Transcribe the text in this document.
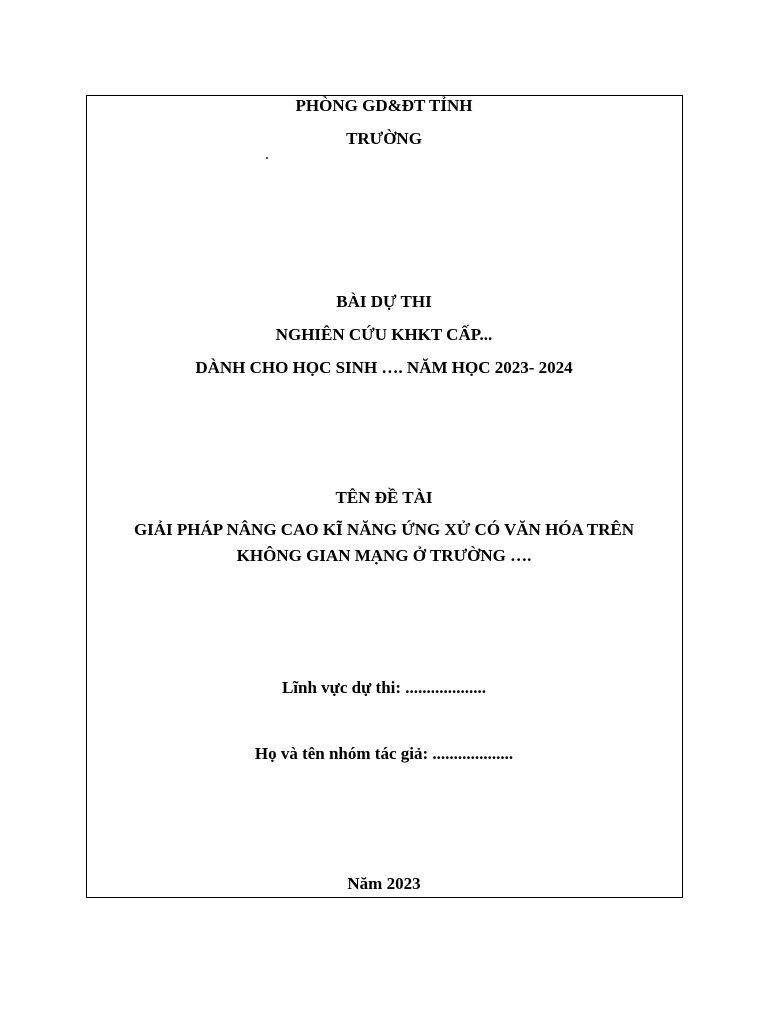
PHÒNG GD&ĐT TỈNH
TRƯỜNG
BÀI DỰ THI
NGHIÊN CỨU KHKT CẤP...
DÀNH CHO HỌC SINH …. NĂM HỌC 2023- 2024
TÊN ĐỀ TÀI
GIẢI PHÁP NÂNG CAO KĨ NĂNG ỨNG XỬ CÓ VĂN HÓA TRÊN
KHÔNG GIAN MẠNG Ở TRƯỜNG ….
Lĩnh vực dự thi: ...................
Họ và tên nhóm tác giả: ...................
Năm 2023
